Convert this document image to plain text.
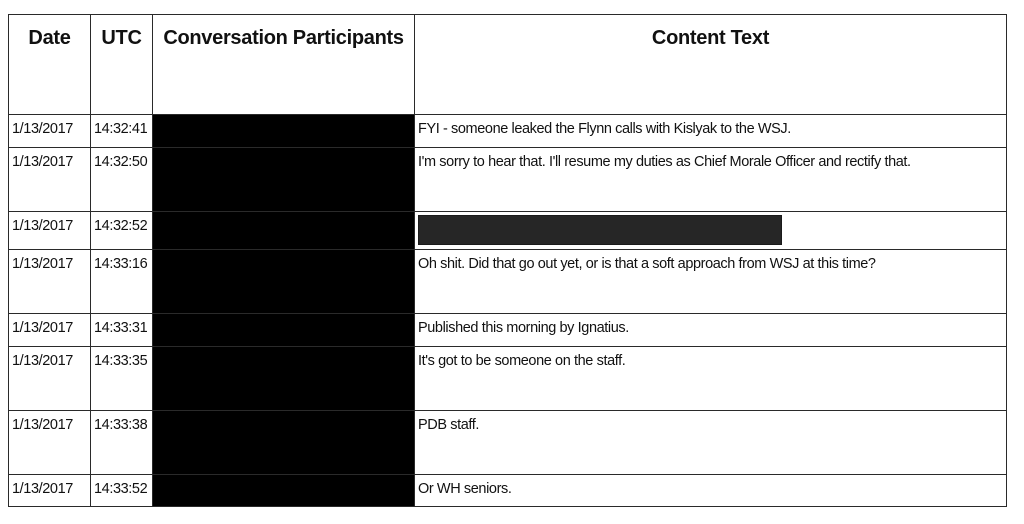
Date	UTC	Conversation Participants	Content Text
1/13/2017	14:32:41		FYI - someone leaked the Flynn calls with Kislyak to the WSJ.
1/13/2017	14:32:50		I'm sorry to hear that. I'll resume my duties as Chief Morale Officer and rectify that.
1/13/2017	14:32:52		
1/13/2017	14:33:16		Oh shit. Did that go out yet, or is that a soft approach from WSJ at this time?
1/13/2017	14:33:31		Published this morning by Ignatius.
1/13/2017	14:33:35		It's got to be someone on the staff.
1/13/2017	14:33:38		PDB staff.
1/13/2017	14:33:52		Or WH seniors.
